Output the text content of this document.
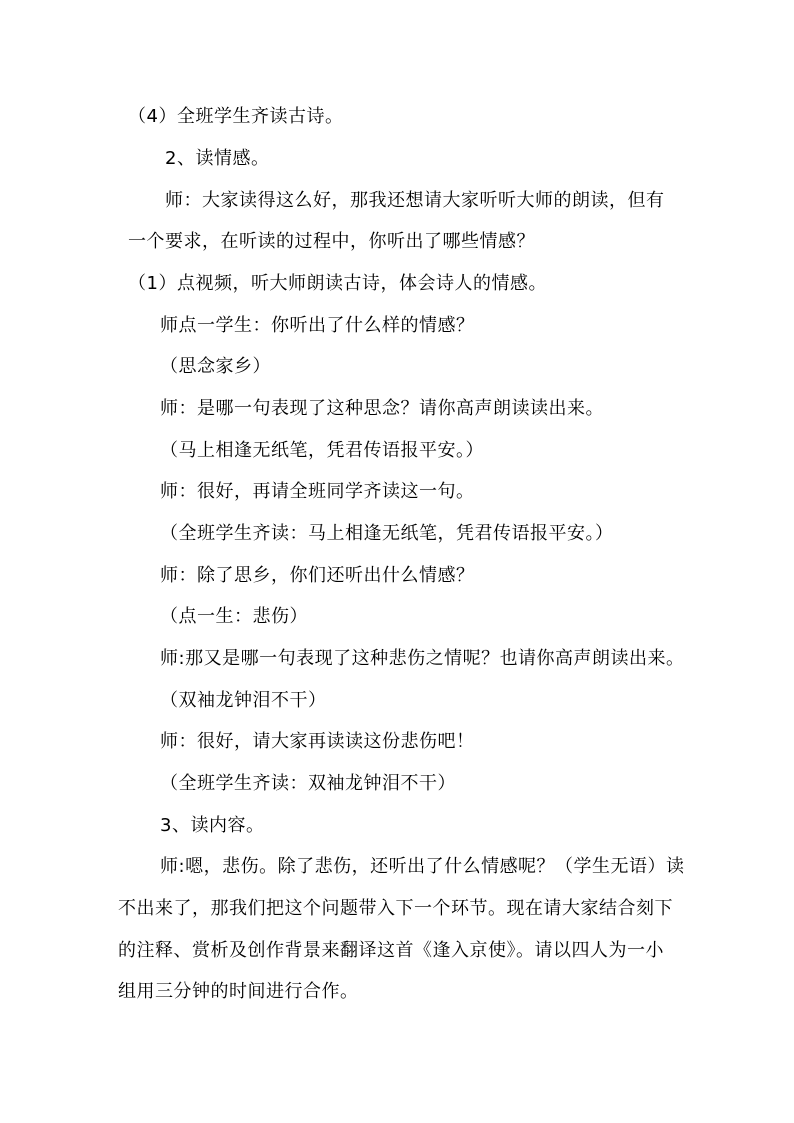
（4）全班学生齐读古诗。
2、读情感。
师：大家读得这么好，那我还想请大家听听大师的朗读，但有
一个要求，在听读的过程中，你听出了哪些情感？
（1）点视频，听大师朗读古诗，体会诗人的情感。
师点一学生：你听出了什么样的情感？
（思念家乡）
师：是哪一句表现了这种思念？请你高声朗读读出来。
（马上相逢无纸笔，凭君传语报平安。）
师：很好，再请全班同学齐读这一句。
（全班学生齐读：马上相逢无纸笔，凭君传语报平安。）
师：除了思乡，你们还听出什么情感？
（点一生：悲伤）
师:那又是哪一句表现了这种悲伤之情呢？也请你高声朗读出来。
（双袖龙钟泪不干）
师：很好，请大家再读读这份悲伤吧！
（全班学生齐读：双袖龙钟泪不干）
3、读内容。
师:嗯，悲伤。除了悲伤，还听出了什么情感呢？（学生无语）读
不出来了，那我们把这个问题带入下一个环节。现在请大家结合刻下
的注释、赏析及创作背景来翻译这首《逢入京使》。请以四人为一小
组用三分钟的时间进行合作。
